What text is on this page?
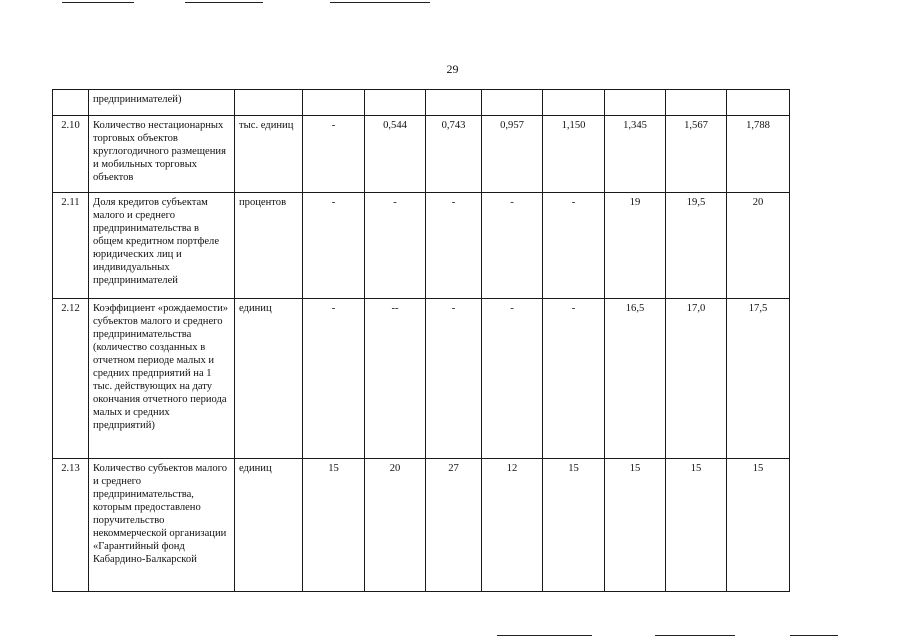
29
	предпринимателей)									
2.10	Количество нестационарных торговых объектов круглогодичного размещения и мобильных торговых объектов	тыс. единиц	-	0,544	0,743	0,957	1,150	1,345	1,567	1,788
2.11	Доля кредитов субъектам малого и среднего предпринимательства в общем кредитном портфеле юридических лиц и индивидуальных предпринимателей	процентов	-	-	-	-	-	19	19,5	20
2.12	Коэффициент «рождаемости» субъектов малого и среднего предпринимательства (количество созданных в отчетном периоде малых и средних предприятий на 1 тыс. действующих на дату окончания отчетного периода малых и средних предприятий)	единиц	-	--	-	-	-	16,5	17,0	17,5
2.13	Количество субъектов малого и среднего предпринимательства, которым предоставлено поручительство некоммерческой организации «Гарантийный фонд Кабардино-Балкарской	единиц	15	20	27	12	15	15	15	15
